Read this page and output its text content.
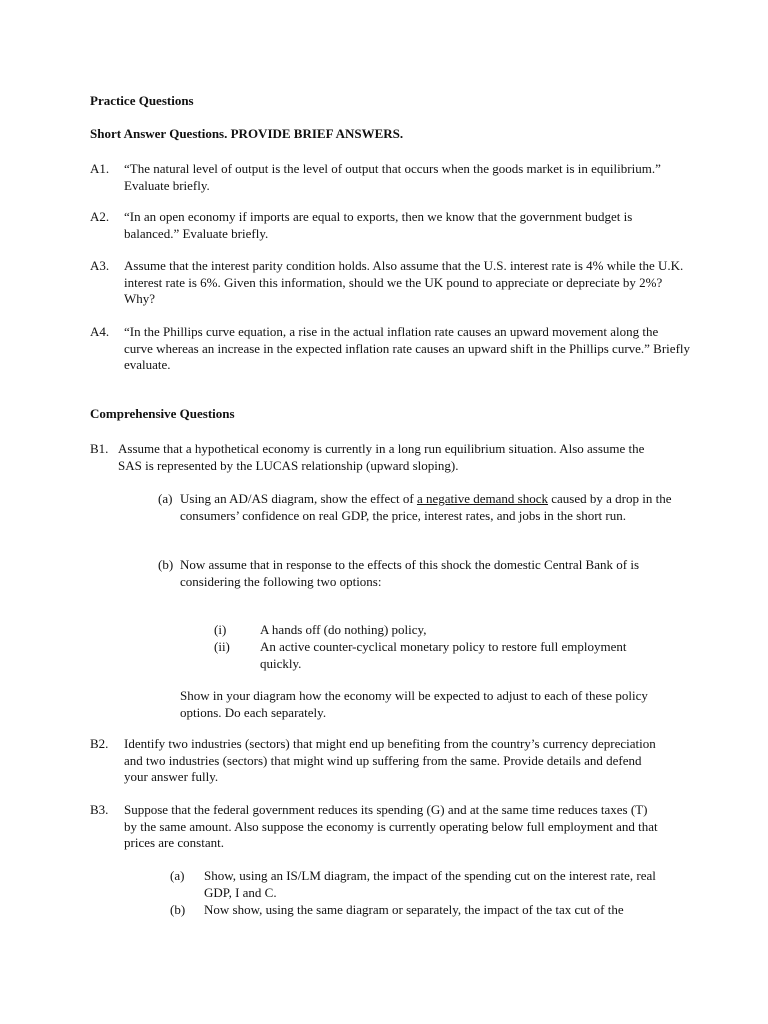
Practice Questions
Short Answer Questions. PROVIDE BRIEF ANSWERS.
A1. “The natural level of output is the level of output that occurs when the goods market is in equilibrium.” Evaluate briefly.
A2. “In an open economy if imports are equal to exports, then we know that the government budget is balanced.” Evaluate briefly.
A3. Assume that the interest parity condition holds. Also assume that the U.S. interest rate is 4% while the U.K. interest rate is 6%. Given this information, should we the UK pound to appreciate or depreciate by 2%? Why?
A4. “In the Phillips curve equation, a rise in the actual inflation rate causes an upward movement along the curve whereas an increase in the expected inflation rate causes an upward shift in the Phillips curve.” Briefly evaluate.
Comprehensive Questions
B1. Assume that a hypothetical economy is currently in a long run equilibrium situation. Also assume the SAS is represented by the LUCAS relationship (upward sloping).
(a) Using an AD/AS diagram, show the effect of a negative demand shock caused by a drop in the consumers’ confidence on real GDP, the price, interest rates, and jobs in the short run.
(b) Now assume that in response to the effects of this shock the domestic Central Bank of is considering the following two options:
(i)	A hands off (do nothing) policy,
(ii) An active counter-cyclical monetary policy to restore full employment quickly.
Show in your diagram how the economy will be expected to adjust to each of these policy options. Do each separately.
B2. Identify two industries (sectors) that might end up benefiting from the country’s currency depreciation and two industries (sectors) that might wind up suffering from the same. Provide details and defend your answer fully.
B3. Suppose that the federal government reduces its spending (G) and at the same time reduces taxes (T) by the same amount. Also suppose the economy is currently operating below full employment and that prices are constant.
(a) Show, using an IS/LM diagram, the impact of the spending cut on the interest rate, real GDP, I and C.
(b) Now show, using the same diagram or separately, the impact of the tax cut of the
